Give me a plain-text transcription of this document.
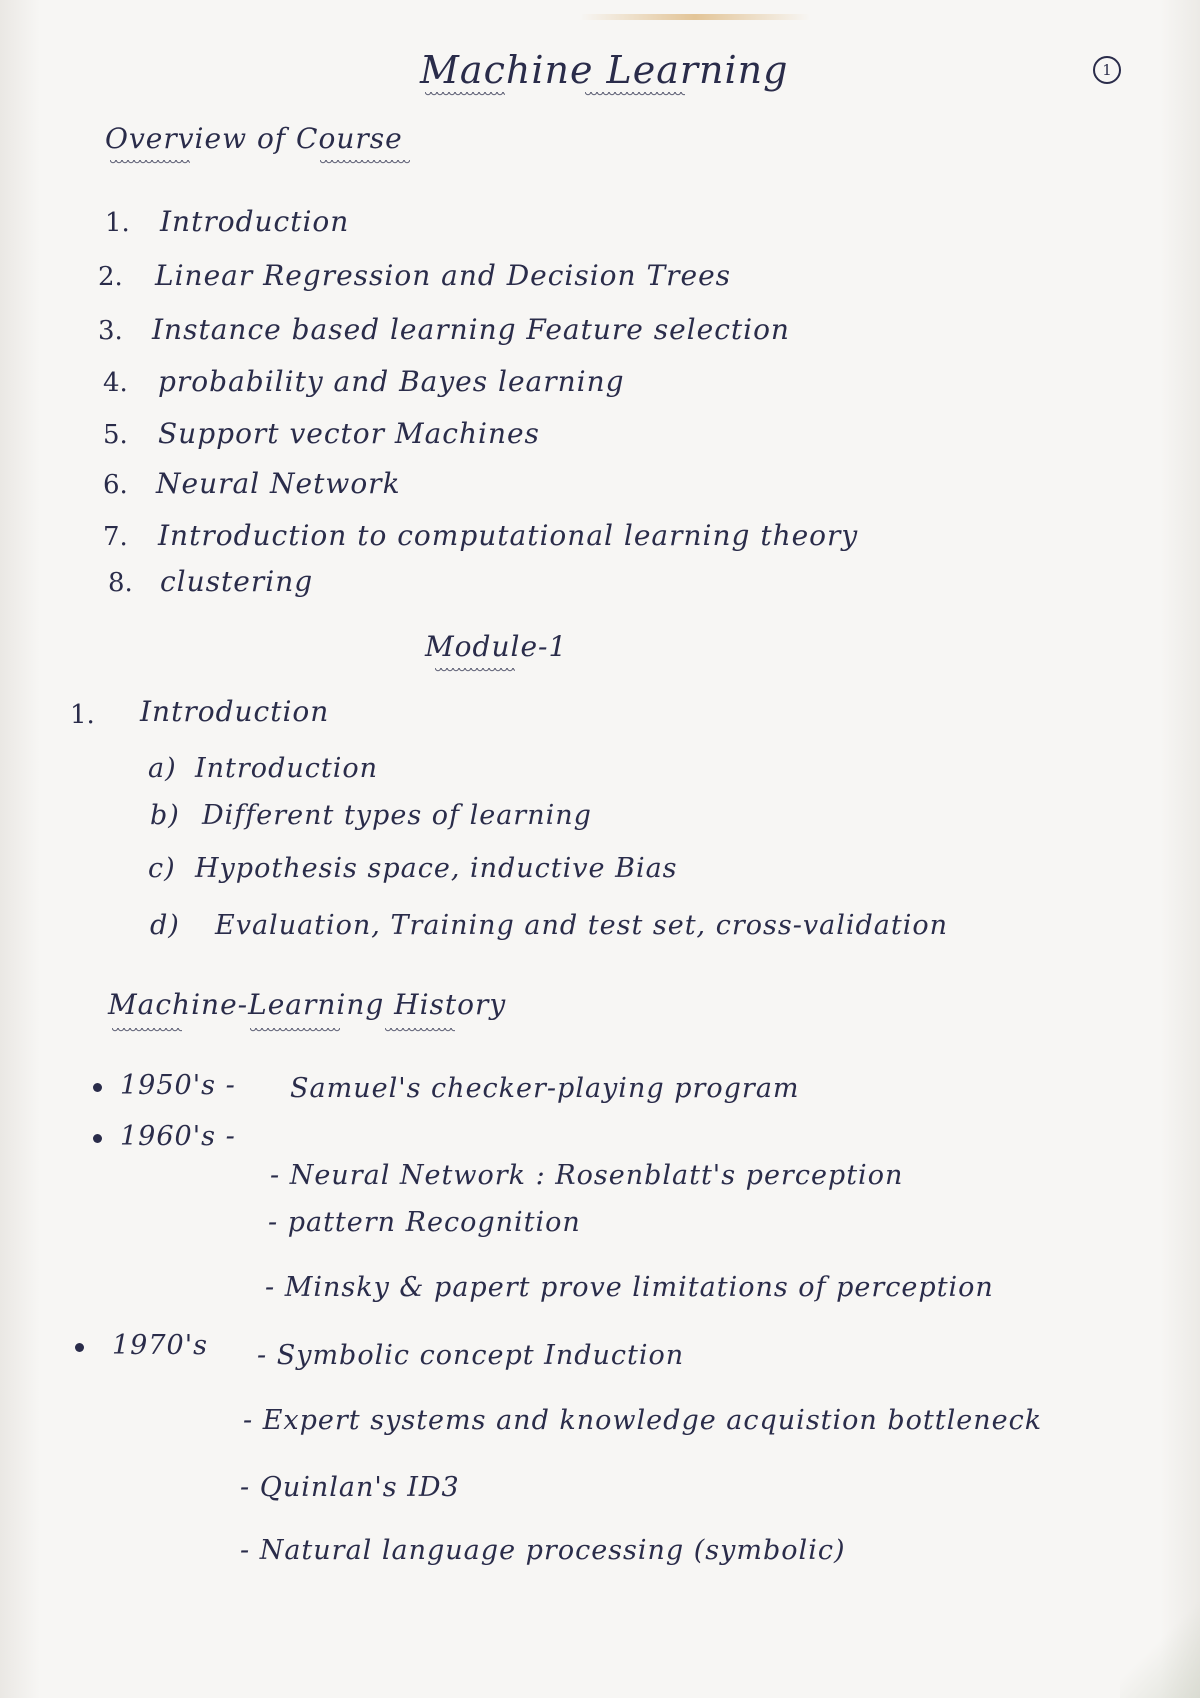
Machine Learning	1
Overview of Course
1. Introduction
2. Linear Regression and Decision Trees
3. Instance based learning Feature selection
4. probability and Bayes learning
5. Support vector Machines
6. Neural Network
7. Introduction to computational learning theory
8. clustering
Module-1
1. Introduction
a) Introduction
b) Different types of learning
c) Hypothesis space, inductive Bias
d) Evaluation, Training and test set, cross-validation
Machine-Learning History
1950's - Samuel's checker-playing program
1960's -
- Neural Network : Rosenblatt's perception
- pattern Recognition
- Minsky & papert prove limitations of perception
1970's - Symbolic concept Induction
- Expert systems and knowledge acquistion bottleneck
- Quinlan's ID3
- Natural language processing (symbolic)
